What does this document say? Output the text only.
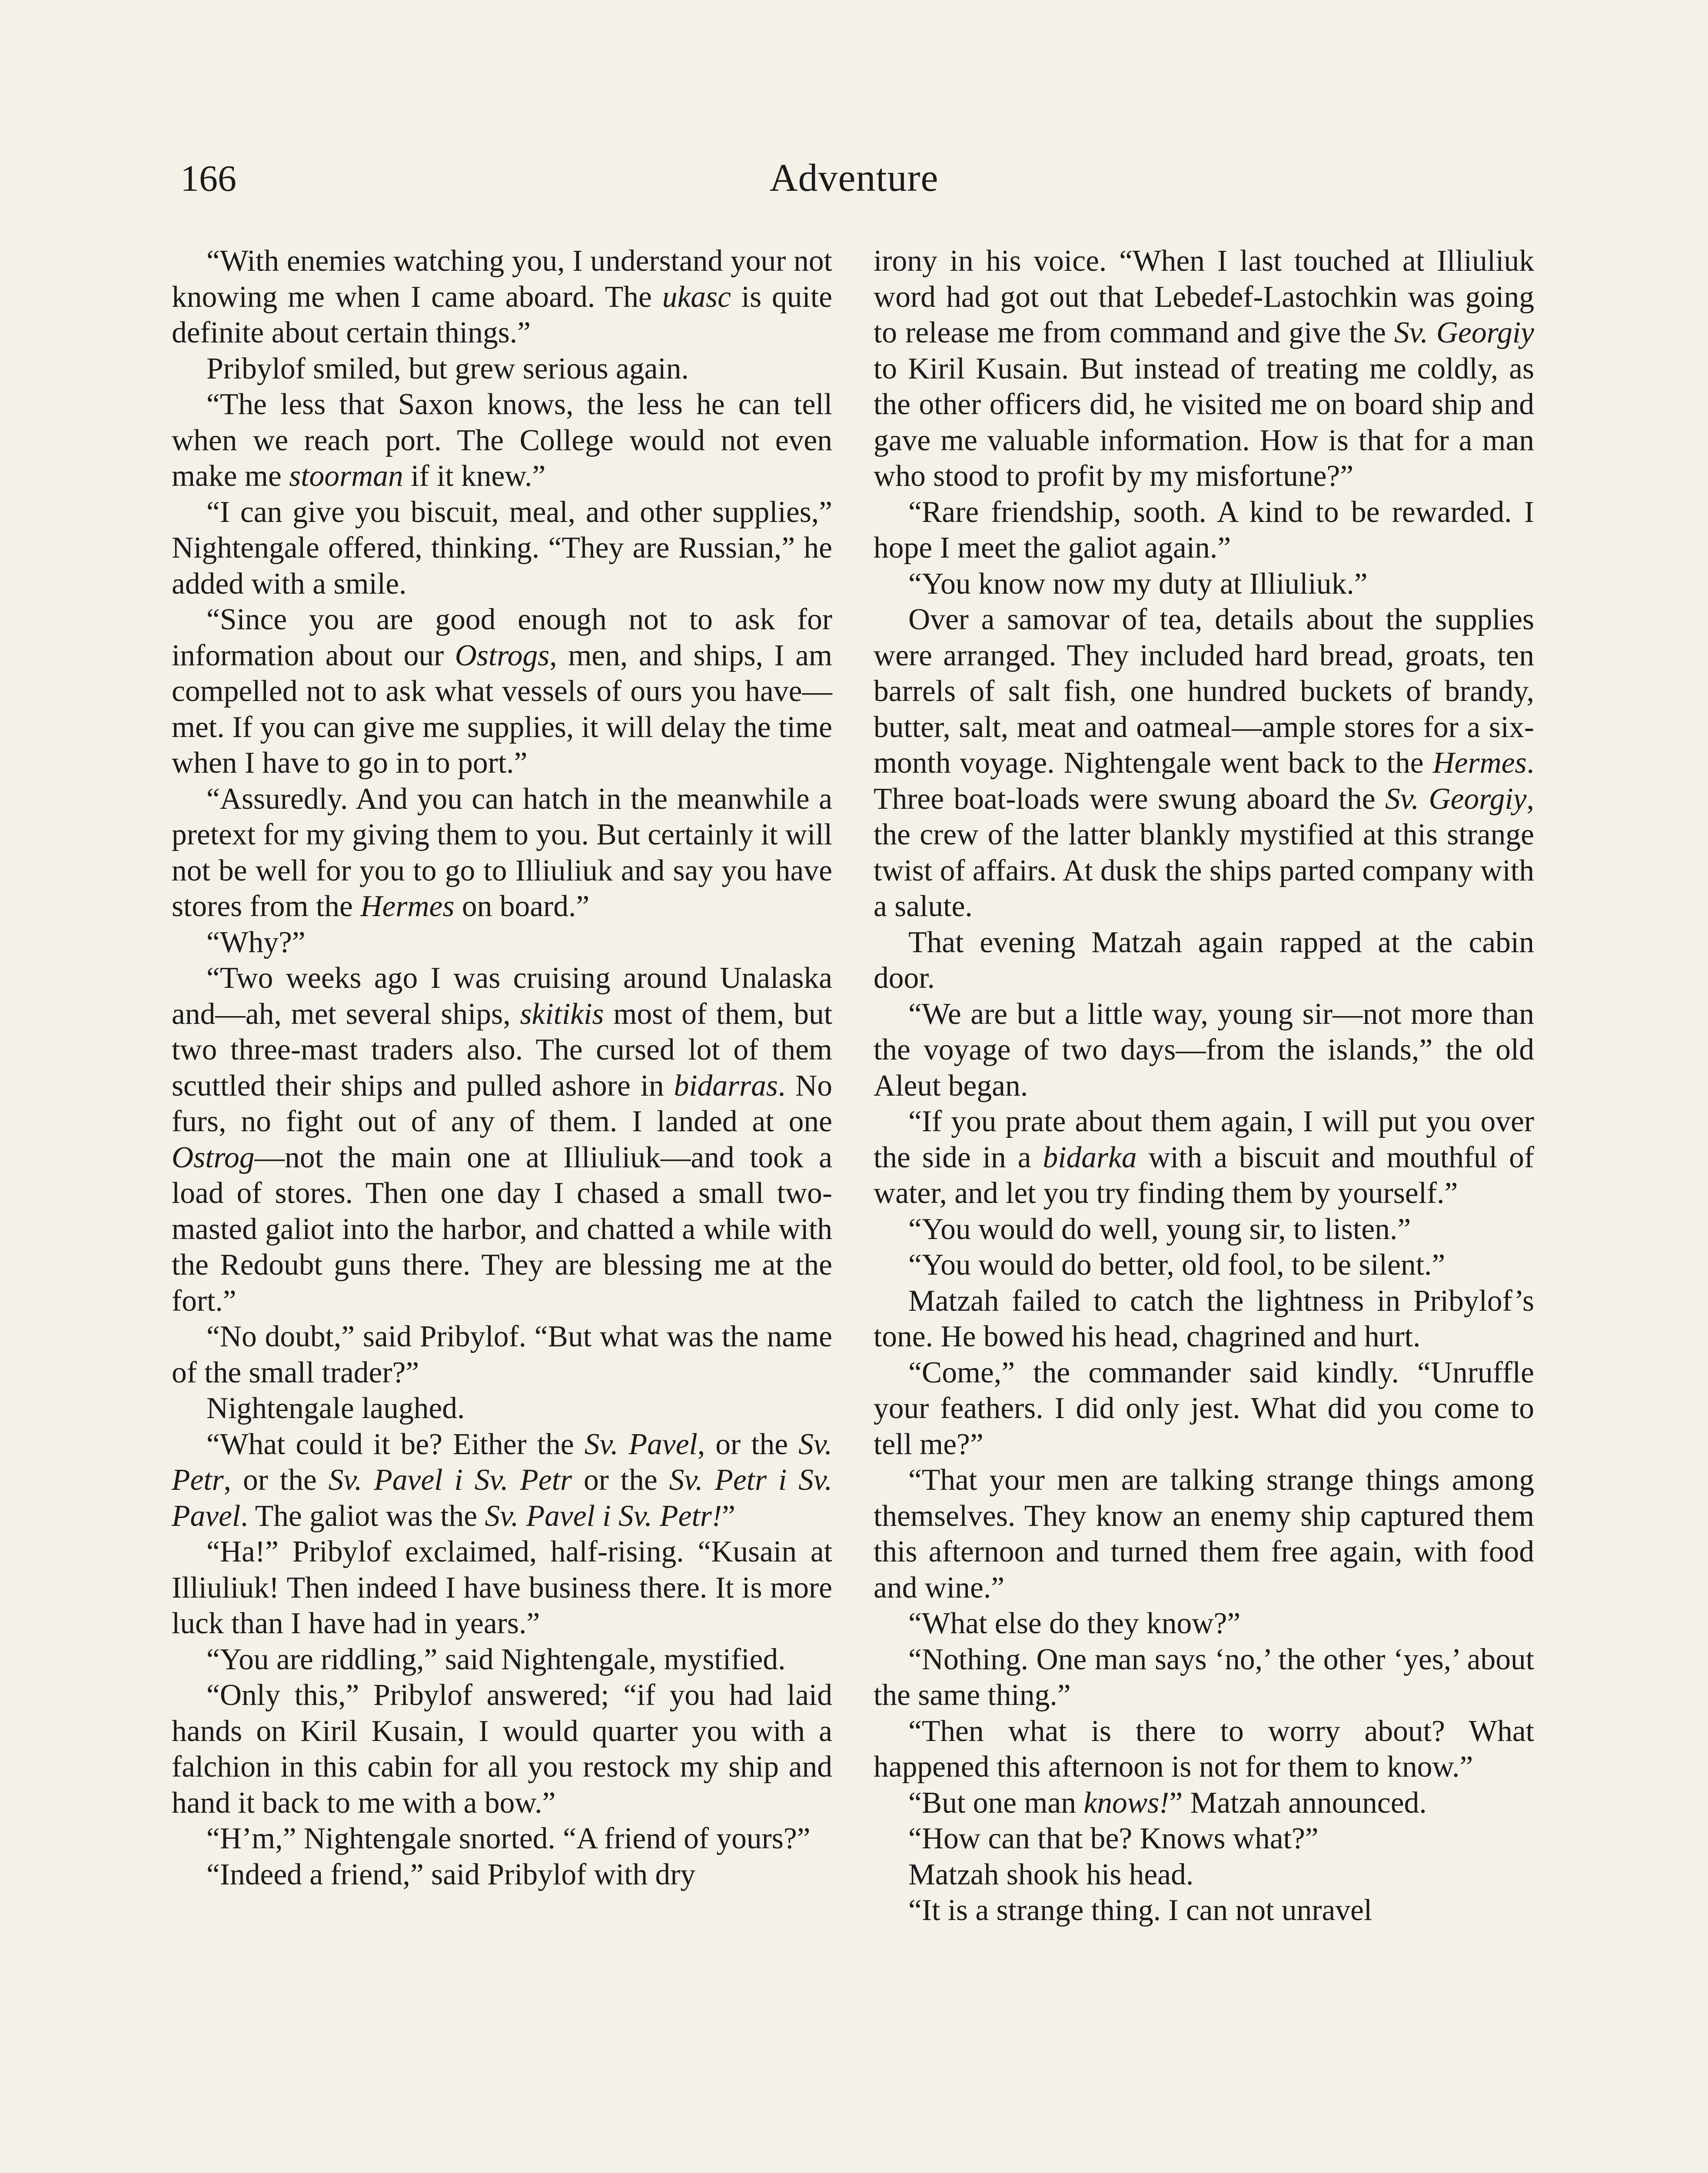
166	Adventure

“With enemies watching you, I understand your not knowing me when I came aboard. The ukasc is quite definite about certain things.”

Pribylof smiled, but grew serious again.

“The less that Saxon knows, the less he can tell when we reach port. The College would not even make me stoorman if it knew.”

“I can give you biscuit, meal, and other supplies,” Nightengale offered, thinking. “They are Russian,” he added with a smile.

“Since you are good enough not to ask for information about our Ostrogs, men, and ships, I am compelled not to ask what vessels of ours you have—met. If you can give me supplies, it will delay the time when I have to go in to port.”

“Assuredly. And you can hatch in the meanwhile a pretext for my giving them to you. But certainly it will not be well for you to go to Illiuliuk and say you have stores from the Hermes on board.”

“Why?”

“Two weeks ago I was cruising around Unalaska and—ah, met several ships, skitikis most of them, but two three-mast traders also. The cursed lot of them scuttled their ships and pulled ashore in bidarras. No furs, no fight out of any of them. I landed at one Ostrog—not the main one at Illiuliuk—and took a load of stores. Then one day I chased a small two-masted galiot into the harbor, and chatted a while with the Redoubt guns there. They are blessing me at the fort.”

“No doubt,” said Pribylof. “But what was the name of the small trader?”

Nightengale laughed.

“What could it be? Either the Sv. Pavel, or the Sv. Petr, or the Sv. Pavel i Sv. Petr or the Sv. Petr i Sv. Pavel. The galiot was the Sv. Pavel i Sv. Petr!”

“Ha!” Pribylof exclaimed, half-rising. “Kusain at Illiuliuk! Then indeed I have business there. It is more luck than I have had in years.”

“You are riddling,” said Nightengale, mystified.

“Only this,” Pribylof answered; “if you had laid hands on Kiril Kusain, I would quarter you with a falchion in this cabin for all you restock my ship and hand it back to me with a bow.”

“H’m,” Nightengale snorted. “A friend of yours?”

“Indeed a friend,” said Pribylof with dry

irony in his voice. “When I last touched at Illiuliuk word had got out that Lebedef-Lastochkin was going to release me from command and give the Sv. Georgiy to Kiril Kusain. But instead of treating me coldly, as the other officers did, he visited me on board ship and gave me valuable information. How is that for a man who stood to profit by my misfortune?”

“Rare friendship, sooth. A kind to be rewarded. I hope I meet the galiot again.”

“You know now my duty at Illiuliuk.”

Over a samovar of tea, details about the supplies were arranged. They included hard bread, groats, ten barrels of salt fish, one hundred buckets of brandy, butter, salt, meat and oatmeal—ample stores for a six-month voyage. Nightengale went back to the Hermes. Three boat-loads were swung aboard the Sv. Georgiy, the crew of the latter blankly mystified at this strange twist of affairs. At dusk the ships parted company with a salute.

That evening Matzah again rapped at the cabin door.

“We are but a little way, young sir—not more than the voyage of two days—from the islands,” the old Aleut began.

“If you prate about them again, I will put you over the side in a bidarka with a biscuit and mouthful of water, and let you try finding them by yourself.”

“You would do well, young sir, to listen.”

“You would do better, old fool, to be silent.”

Matzah failed to catch the lightness in Pribylof’s tone. He bowed his head, chagrined and hurt.

“Come,” the commander said kindly. “Unruffle your feathers. I did only jest. What did you come to tell me?”

“That your men are talking strange things among themselves. They know an enemy ship captured them this afternoon and turned them free again, with food and wine.”

“What else do they know?”

“Nothing. One man says ‘no,’ the other ‘yes,’ about the same thing.”

“Then what is there to worry about? What happened this afternoon is not for them to know.”

“But one man knows!” Matzah announced.

“How can that be? Knows what?”

Matzah shook his head.

“It is a strange thing. I can not unravel
